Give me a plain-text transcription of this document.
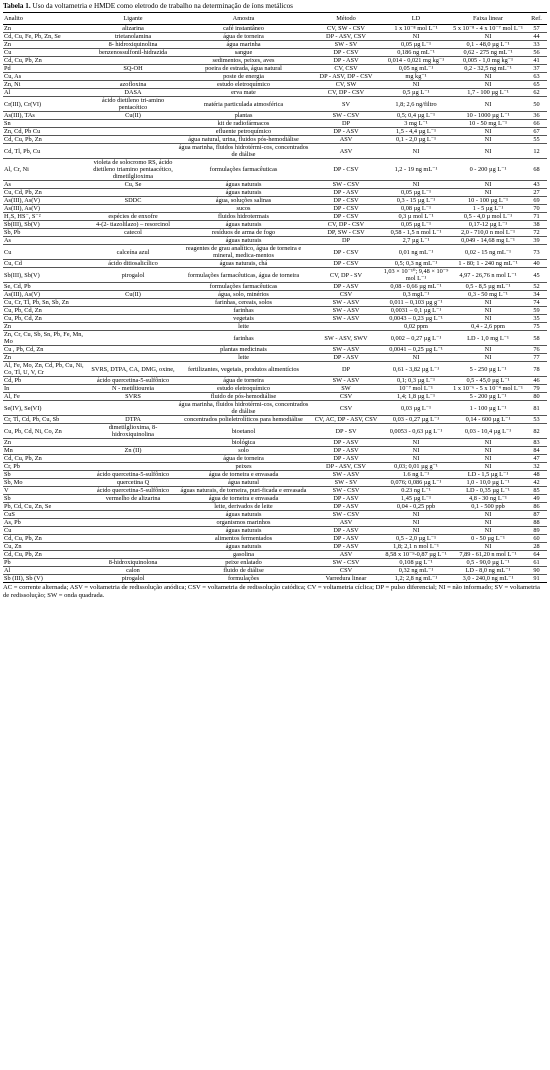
Tabela 1. Uso da voltametria e HMDE como eletrodo de trabalho na determinação de íons metálicos
Analito	Ligante	Amostra	Método	LD	Faixa linear	Ref.
Zn	alizarina	café instantâneo	CV, SW - CSV	1 x 10⁻⁸ mol L⁻¹	5 x 10⁻⁸ - 4 x 10⁻⁷ mol L⁻¹	57
Cd, Cu, Fe, Pb, Zn, Se	trietanolamina	água de torneira	DP - ASV, CSV	NI	NI	44
Zn	8- hidroxiquinolina	água marinha	SW - SV	0,05 µg L⁻¹	0,1 - 48,0 µg L⁻¹	33
Cu	benzenossulfonil-hidrazida	sangue	DP - CSV	0,186 ng mL⁻¹	0,62 - 275 ng mL⁻¹	56
Cd, Cu, Pb, Zn		sedimentos, peixes, aves	DP - ASV	0,014 - 0,021 mg kg⁻¹	0,005 - 1,0 mg kg⁻¹	41
Pd	SQ-OH	poeira de estrada, água natural	CV, CSV	0,05 ng mL⁻¹	0,2 - 32,5 ng mL⁻¹	37
Cu, As		poste de energia	DP - ASV, DP - CSV	mg kg⁻¹	NI	63
Zn, Ni	azofloxina	estudo eletroquímico	CV, SW	NI	NI	65
Al	DASA	erva mate	CV, DP - CSV	0,5 µg L⁻¹	1,7 - 100 µg L⁻¹	62
Cr(III), Cr(VI)	ácido dietileno tri-amino pentacético	matéria particulada atmosférica	SV	1,8; 2,6 ng/filtro	NI	50
As(III), TAs	Cu(II)	plantas	SW - CSV	0,5; 0,4 µg L⁻¹	10 - 1000 µg L⁻¹	36
Sn		kit de radiofármacos	DP	3 mg L⁻¹	10 - 50 mg L⁻¹	66
Zn, Cd, Pb Cu		efluente petroquímico	DP - ASV	1,5 - 4,4 µg L⁻¹	NI	67
Cd, Cu, Pb, Zn		água natural, urina, fluidos pós-hemodiálise	ASV	0,1 - 2,0 µg L⁻¹	NI	55
Cd, Tl, Pb, Cu		água marinha, fluidos hidrotérmi-cos, concentrados de diálise	ASV	NI	NI	12
Al, Cr, Ni	violeta de solocromo RS, ácido dietileno triamino pentaacético, dimetilglioxima	formulações farmacêuticas	DP - CSV	1,2 - 19 ng mL⁻¹	0 - 200 µg L⁻¹	68
As	Cu, Se	águas naturais	SW - CSV	NI	NI	43
Cu, Cd, Pb, Zn		águas naturais	DP - ASV	0,05 µg L⁻¹	NI	27
As(III), As(V)	SDDC	água, soluções salinas	DP - CSV	0,3 - 15 µg L⁻¹	10 - 100 µg L⁻¹	69
As(III), As(V)		sucos	DP - CSV	0,08 µg L⁻¹	1 - 5 µg L⁻¹	70
H₂S, HS⁻, S⁻²	espécies de enxofre	fluidos hidrotermais	DP - CSV	0,3 µ mol L⁻¹	0,5 - 4,0 µ mol L⁻¹	71
Sb(III), Sb(V)	4-(2- tiazolilazo) – resorcinol	águas naturais	CV, DP - CSV	0,05 µg L⁻¹	0,17-12 µg L⁻¹	38
Sb, Pb	catecol	resíduos de arma de fogo	DP, SW - CSV	0,58 - 1,5 n mol L⁻¹	2,0 - 710,0 n mol L⁻¹	72
As		águas naturais	DP	2,7 µg L⁻¹	0,049 - 14,68 mg L⁻¹	39
Cu	calceína azul	reagentes de grau analítico, água de torneira e mineral, medica-mentos	DP - CSV	0,01 ng mL⁻¹	0,02 - 15 ng mL⁻¹	73
Cu, Cd	ácido ditiosalicílico	águas naturais, chá	DP - CSV	0,5; 0,3 ng mL⁻¹	1 - 80; 1 - 240 ng mL⁻¹	40
Sb(III), Sb(V)	pirogalol	formulações farmacêuticas, água de torneira	CV, DP - SV	1,03 × 10⁻¹⁰; 9,48 × 10⁻⁹ mol L⁻¹	4,97 - 26,76 n mol L⁻¹	45
Se, Cd, Pb		formulações farmacêuticas	DP - ASV	0,08 - 0,66 µg mL⁻¹	0,5 - 8,5 µg mL⁻¹	52
As(III), As(V)	Cu(II)	água, solo, minérios	CSV	0,3 mgL⁻¹	0,3 - 50 mg L⁻¹	34
Cu, Cr, Tl, Pb, Sn, Sb, Zn		farinhas, cereais, solos	SW - ASV	0,011 – 0,103 µg g⁻¹	NI	74
Cu, Pb, Cd, Zn		farinhas	SW - ASV	0,0031 – 0,1 µg L⁻¹	NI	59
Cu, Pb, Cd, Zn		vegetais	SW - ASV	0,0043 – 0,23 µg L⁻¹	NI	35
Zn		leite		0,02 ppm	0,4 - 2,6 ppm	75
Zn, Cr, Cu, Sb, Sn, Pb, Fe, Mn, Mo		farinhas	SW - ASV, SWV	0,002 – 0,27 µg L⁻¹	LD - 1,0 mg L⁻¹	58
Cu , Pb, Cd, Zn		plantas medicinais	SW - ASV	0,0041 – 0,25 µg L⁻¹	NI	76
Zn		leite	DP - ASV	NI	NI	77
Al, Fe, Mo, Zn, Cd, Pb, Cu, Ni, Co, Tl, U, V, Cr	SVRS, DTPA, CA, DMG, oxine,	fertilizantes, vegetais, produtos alimentícios	DP	0,61 - 3,82 µg L⁻¹	5 - 250 µg L⁻¹	78
Cd, Pb	ácido quercetina-5-sulfônico	água de torneira	SW - ASV	0,1; 0,3 µg L⁻¹	0,5 - 45,0 µg L⁻¹	46
In	N - metiltioureia	estudo eletroquímico	SW	10⁻⁷ mol L⁻¹	1 x 10⁻⁶ - 5 x 10⁻⁴ mol L⁻¹	79
Al, Fe	SVRS	fluido de pós-hemodiálise	CSV	1,4; 1,8 µg L⁻¹	5 - 200 µg L⁻¹	80
Se(IV), Se(VI)		água marinha, fluidos hidrotérmi-cos, concentrados de diálise	CSV	0,03 µg L⁻¹	1 - 100 µg L⁻¹	81
Cr, Tl, Cd, Pb, Cu, Sb	DTPA	concentrados polieletrolíticos para hemodiálise	CV, AC, DP - ASV, CSV	0,03 - 0,27 µg L⁻¹	0,14 - 600 µg L⁻¹	53
Cu, Pb, Cd, Ni, Co, Zn	dimetilglioxima, 8-hidroxiquinolina	bioetanol	DP - SV	0,0053 - 0,63 µg L⁻¹	0,03 - 10,4 µg L⁻¹	82
Zn		biológica	DP - ASV	NI	NI	83
Mn	Zn (II)	solo	DP - ASV	NI	NI	84
Cd, Cu, Pb, Zn		água de torneira	DP - ASV	NI	NI	47
Cr, Pb		peixes	DP - ASV, CSV	0,03; 0,01 µg g⁻¹	NI	32
Sb	ácido quercetina-5-sulfônico	água de torneira e envasada	SW - ASV	1.6 ng L⁻¹	LD - 1,5 µg L⁻¹	48
Sb, Mo	quercetina Q	água natural	SW - SV	0,076; 0,086 µg L⁻¹	1,0 - 10,0 µg L⁻¹	42
V	ácido quercetina-5-sulfônico	águas naturais, de torneira, puri-ficada e envasada	SW - CSV	0.23 ng L⁻¹	LD - 0,35 µg L⁻¹	85
Sb	vermelho de alizarina	água de torneira e envasada	DP - ASV	1,45 µg L⁻¹	4,8 - 30 ng L⁻¹	49
Pb, Cd, Cu, Zn, Se		leite, derivados de leite	DP - ASV	0,04 - 0,25 ppb	0,1 - 500 ppb	86
CuS		águas naturais	SW - CSV	NI	NI	87
As, Pb		organismos marinhos	ASV	NI	NI	88
Cu		águas naturais	DP - ASV	NI	NI	89
Cd, Cu, Pb, Zn		alimentos fermentados	DP - ASV	0,5 - 2,0 µg L⁻¹	0 - 50 µg L⁻¹	60
Cu, Zn		águas naturais	DP - ASV	1,8; 2,1 n mol L⁻¹	NI	28
Cd, Cu, Pb, Zn		gasolina	ASV	8,58 x 10⁻⁹-0,87 µg L⁻¹	7,89 - 61,20 n mol L⁻¹	64
Pb	8-hidroxiquinolona	peixe enlatado	SW - CSV	0,108 µg L⁻¹	0,5 - 90,0 µg L⁻¹	61
Al	calon	fluido de diálise	CSV	0,32 ng mL⁻¹	LD - 8,0 ng mL⁻¹	90
Sb (III), Sb (V)	pirogalol	formulações	Varredura linear	1,2; 2,8 ng mL⁻¹	3,0 - 240,0 ng mL⁻¹	91
AC = corrente alternada; ASV = voltametria de redissolução anódica; CSV = voltametria de redissolução catódica; CV = voltametria cíclica; DP = pulso diferencial; NI = não informado; SV = voltametria de redissolução; SW = onda quadrada.
